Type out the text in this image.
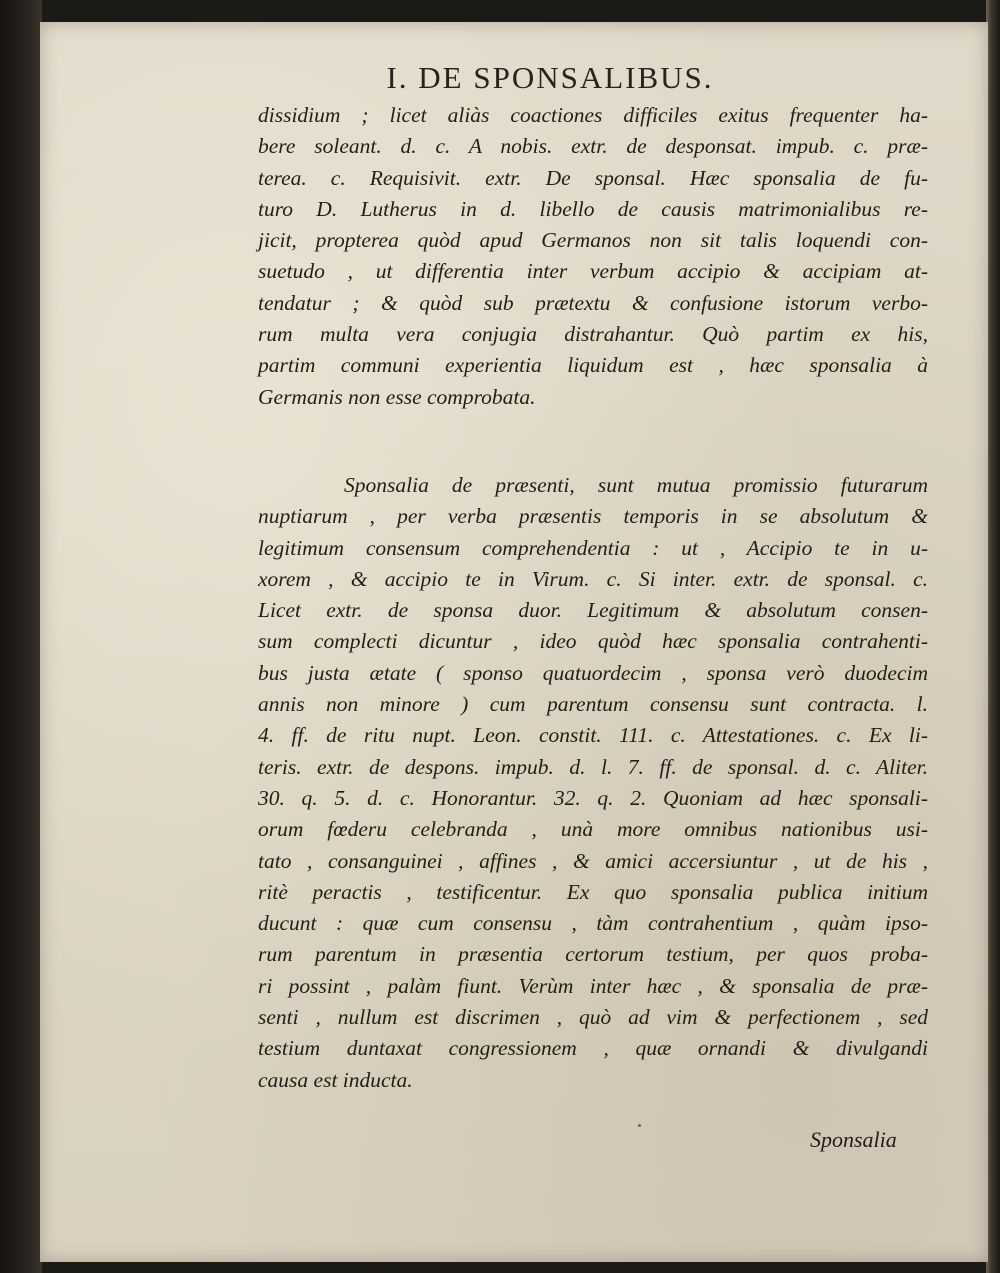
I. DE SPONSALIBUS.
dissidium ; licet aliàs coactiones difficiles exitus frequenter ha-
bere soleant. d. c. A nobis. extr. de desponsat. impub. c. præ-
terea. c. Requisivit. extr. De sponsal. Hæc sponsalia de fu-
turo D. Lutherus in d. libello de causis matrimonialibus re-
jicit, propterea quòd apud Germanos non sit talis loquendi con-
suetudo , ut differentia inter verbum accipio & accipiam at-
tendatur ; & quòd sub prætextu & confusione istorum verbo-
rum multa vera conjugia distrahantur. Quò partim ex his,
partim communi experientia liquidum est , hæc sponsalia à
Germanis non esse comprobata.
Sponsalia de præsenti, sunt mutua promissio futurarum
nuptiarum , per verba præsentis temporis in se absolutum &
legitimum consensum comprehendentia : ut , Accipio te in u-
xorem , & accipio te in Virum. c. Si inter. extr. de sponsal. c.
Licet extr. de sponsa duor. Legitimum & absolutum consen-
sum complecti dicuntur , ideo quòd hæc sponsalia contrahenti-
bus justa ætate ( sponso quatuordecim , sponsa verò duodecim
annis non minore ) cum parentum consensu sunt contracta. l.
4. ff. de ritu nupt. Leon. constit. 111. c. Attestationes. c. Ex li-
teris. extr. de despons. impub. d. l. 7. ff. de sponsal. d. c. Aliter.
30. q. 5. d. c. Honorantur. 32. q. 2. Quoniam ad hæc sponsali-
orum fœderu celebranda , unà more omnibus nationibus usi-
tato , consanguinei , affines , & amici accersiuntur , ut de his ,
ritè peractis , testificentur. Ex quo sponsalia publica initium
ducunt : quæ cum consensu , tàm contrahentium , quàm ipso-
rum parentum in præsentia certorum testium, per quos proba-
ri possint , palàm fiunt. Verùm inter hæc , & sponsalia de præ-
senti , nullum est discrimen , quò ad vim & perfectionem , sed
testium duntaxat congressionem , quæ ornandi & divulgandi
causa est inducta.
Sponsalia
